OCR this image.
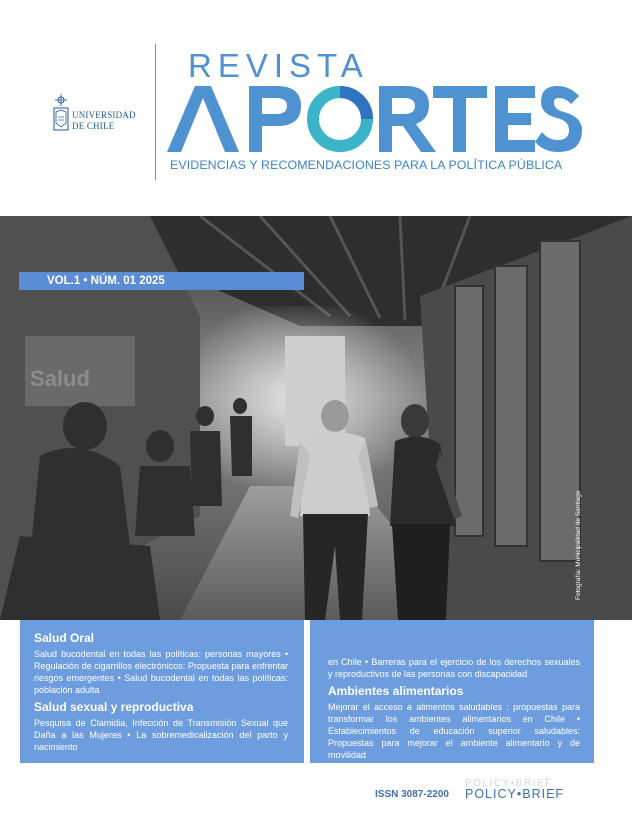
UNIVERSIDAD
DE CHILE
REVISTA
EVIDENCIAS Y RECOMENDACIONES PARA LA POLÍTICA PÚBLICA
Salud
VOL.1 • NÚM. 01 2025
Salud Oral

Salud bucodental en todas las políticas: personas mayores • Regulación de cigarrillos electrónicos: Propuesta para enfrentar riesgos emergentes • Salud bucodental en todas las políticas: población adulta

Salud sexual y reproductiva

Pesquisa de Clamidia, Infección de Transmisión Sexual que Daña a las Mujeres • La sobremedicalización del parto y nacimiento

en Chile • Barreras para el ejercicio de los derechos sexuales y reproductivos de las personas con discapacidad

Ambientes alimentarios

Mejorar el acceso a alimentos saludables : propuestas para transformar los ambientes alimentarios en Chile • Establecimientos de educación superior saludables: Propuestas para mejorar el ambiente alimentario y de movilidad

ISSN 3087-2200
POLICY•BRIEF
POLICY•BRIEF
